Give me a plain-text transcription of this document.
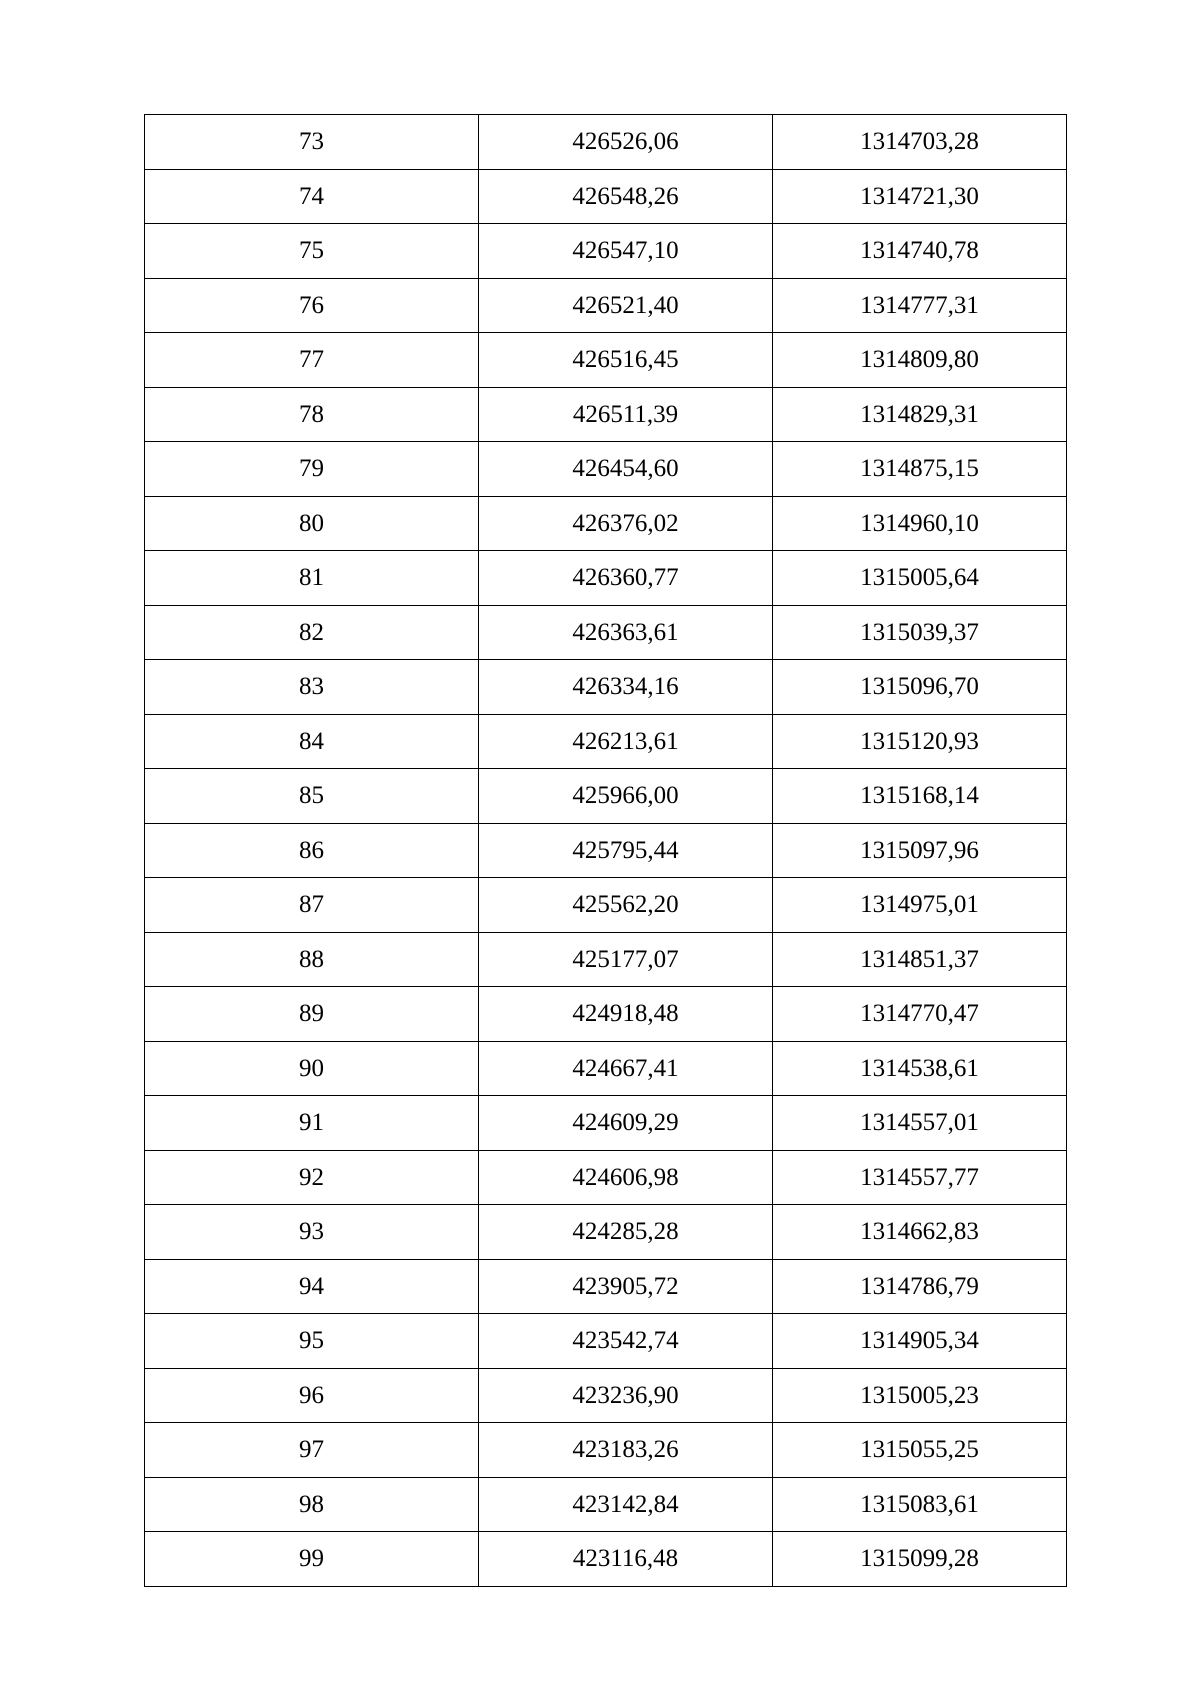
73	426526,06	1314703,28
74	426548,26	1314721,30
75	426547,10	1314740,78
76	426521,40	1314777,31
77	426516,45	1314809,80
78	426511,39	1314829,31
79	426454,60	1314875,15
80	426376,02	1314960,10
81	426360,77	1315005,64
82	426363,61	1315039,37
83	426334,16	1315096,70
84	426213,61	1315120,93
85	425966,00	1315168,14
86	425795,44	1315097,96
87	425562,20	1314975,01
88	425177,07	1314851,37
89	424918,48	1314770,47
90	424667,41	1314538,61
91	424609,29	1314557,01
92	424606,98	1314557,77
93	424285,28	1314662,83
94	423905,72	1314786,79
95	423542,74	1314905,34
96	423236,90	1315005,23
97	423183,26	1315055,25
98	423142,84	1315083,61
99	423116,48	1315099,28
